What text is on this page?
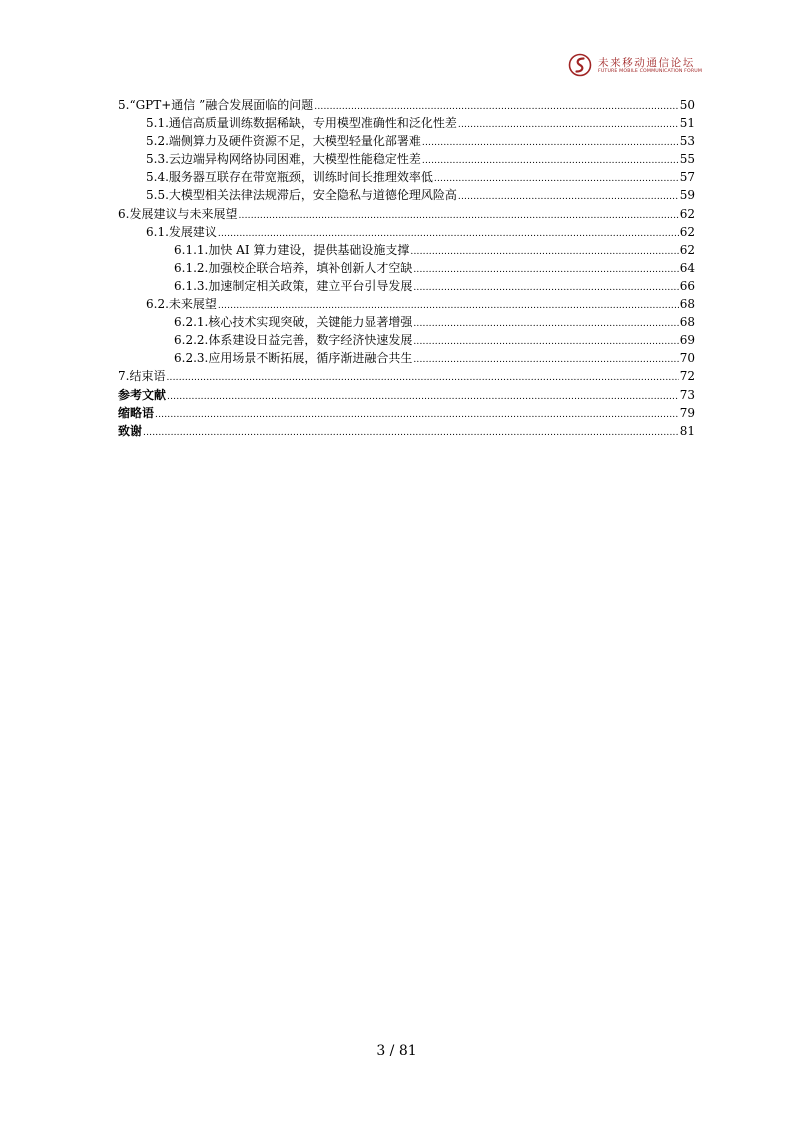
未来移动通信论坛
FUTURE MOBILE COMMUNICATION FORUM
5.“GPT+通信 ”融合发展面临的问题 .....	50
5.1.通信高质量训练数据稀缺，专用模型准确性和泛化性差 .....	51
5.2.端侧算力及硬件资源不足，大模型轻量化部署难 .....	53
5.3.云边端异构网络协同困难，大模型性能稳定性差 .....	55
5.4.服务器互联存在带宽瓶颈，训练时间长推理效率低 .....	57
5.5.大模型相关法律法规滞后，安全隐私与道德伦理风险高 .....	59
6.发展建议与未来展望 .....	62
6.1.发展建议 .....	62
6.1.1.加快 AI 算力建设，提供基础设施支撑 .....	62
6.1.2.加强校企联合培养，填补创新人才空缺 .....	64
6.1.3.加速制定相关政策，建立平台引导发展 .....	66
6.2.未来展望 .....	68
6.2.1.核心技术实现突破，关键能力显著增强 .....	68
6.2.2.体系建设日益完善，数字经济快速发展 .....	69
6.2.3.应用场景不断拓展，循序渐进融合共生 .....	70
7.结束语 .....	72
参考文献 .....	73
缩略语 .....	79
致谢 .....	81
3 / 81
